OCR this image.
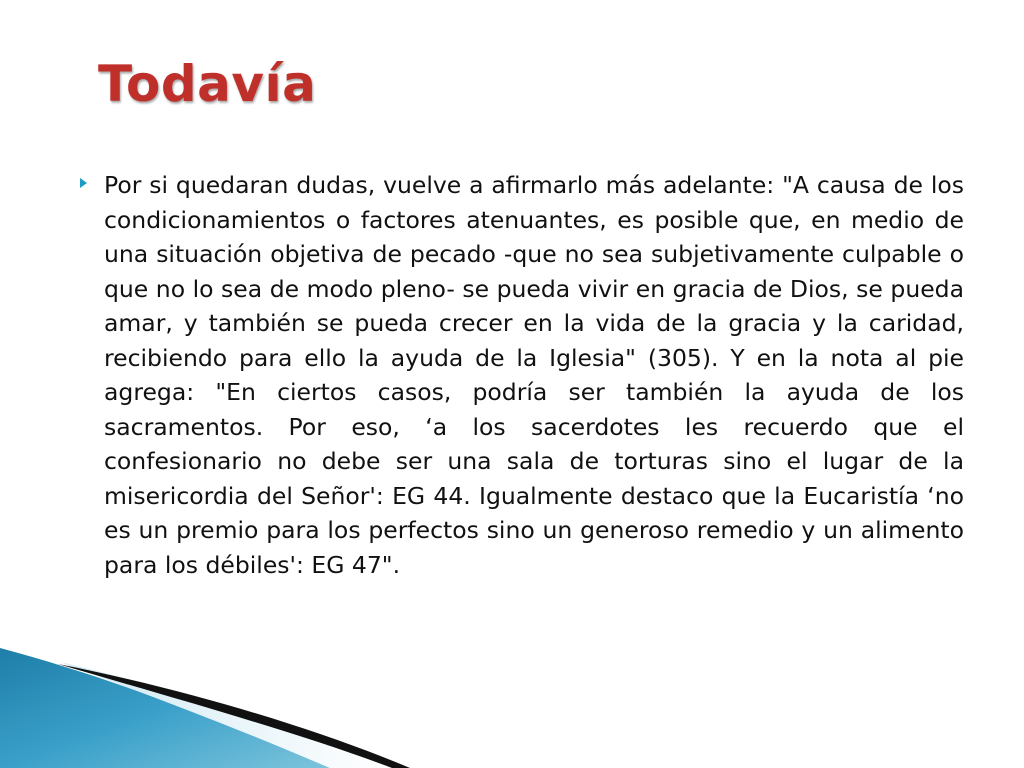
Todavía

Por si quedaran dudas, vuelve a afirmarlo más adelante: "A causa de los condicionamientos o factores atenuantes, es posible que, en medio de una situación objetiva de pecado -que no sea subjetivamente culpable o que no lo sea de modo pleno- se pueda vivir en gracia de Dios, se pueda amar, y también se pueda crecer en la vida de la gracia y la caridad, recibiendo para ello la ayuda de la Iglesia" (305). Y en la nota al pie agrega: "En ciertos casos, podría ser también la ayuda de los sacramentos. Por eso, ‘a los sacerdotes les recuerdo que el confesionario no debe ser una sala de torturas sino el lugar de la misericordia del Señor': EG 44. Igualmente destaco que la Eucaristía ‘no es un premio para los perfectos sino un generoso remedio y un alimento para los débiles': EG 47".
